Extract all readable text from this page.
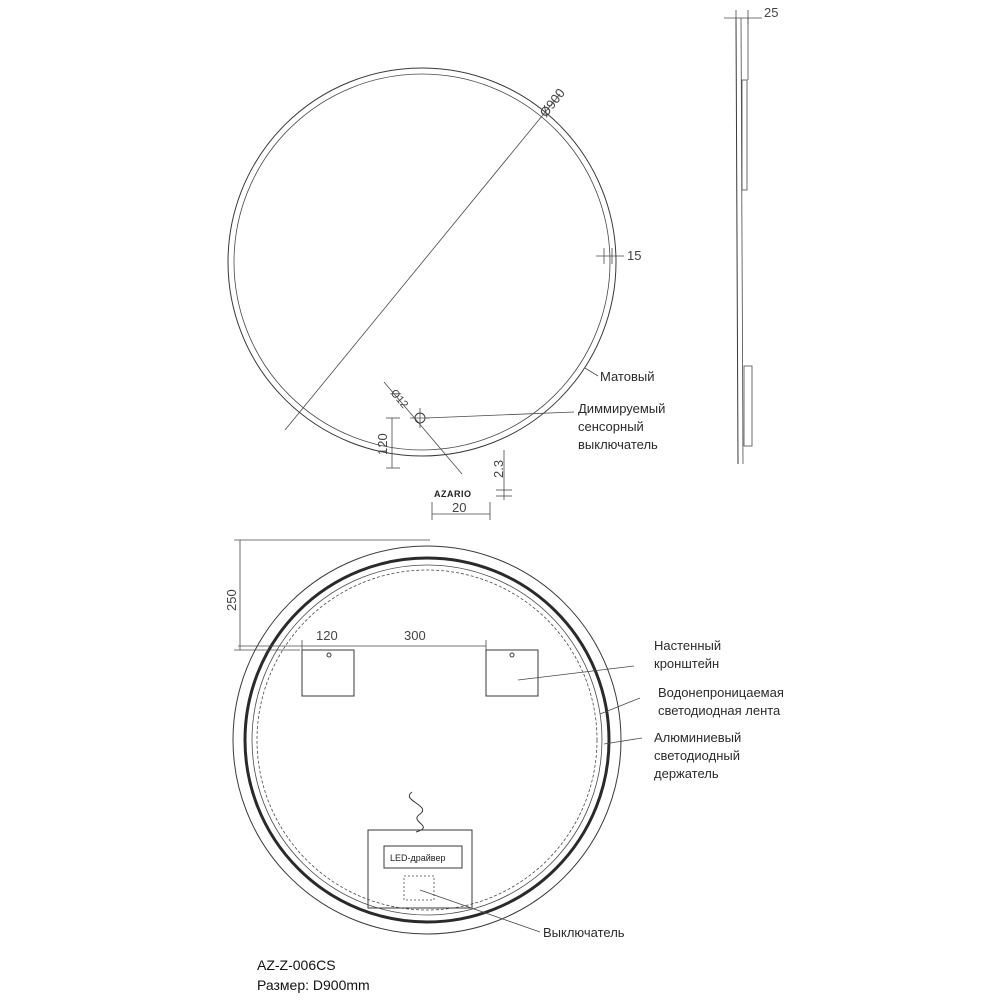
Ø900
15
Ø12
120
AZARIO
2.3
20
Матовый
Диммируемый
сенсорный
выключатель
25
250
120	300
LED-драйвер
Настенный
кронштейн
Водонепроницаемая
светодиодная лента
Алюминиевый
светодиодный
держатель
Выключатель
AZ-Z-006CS
Размер: D900mm
